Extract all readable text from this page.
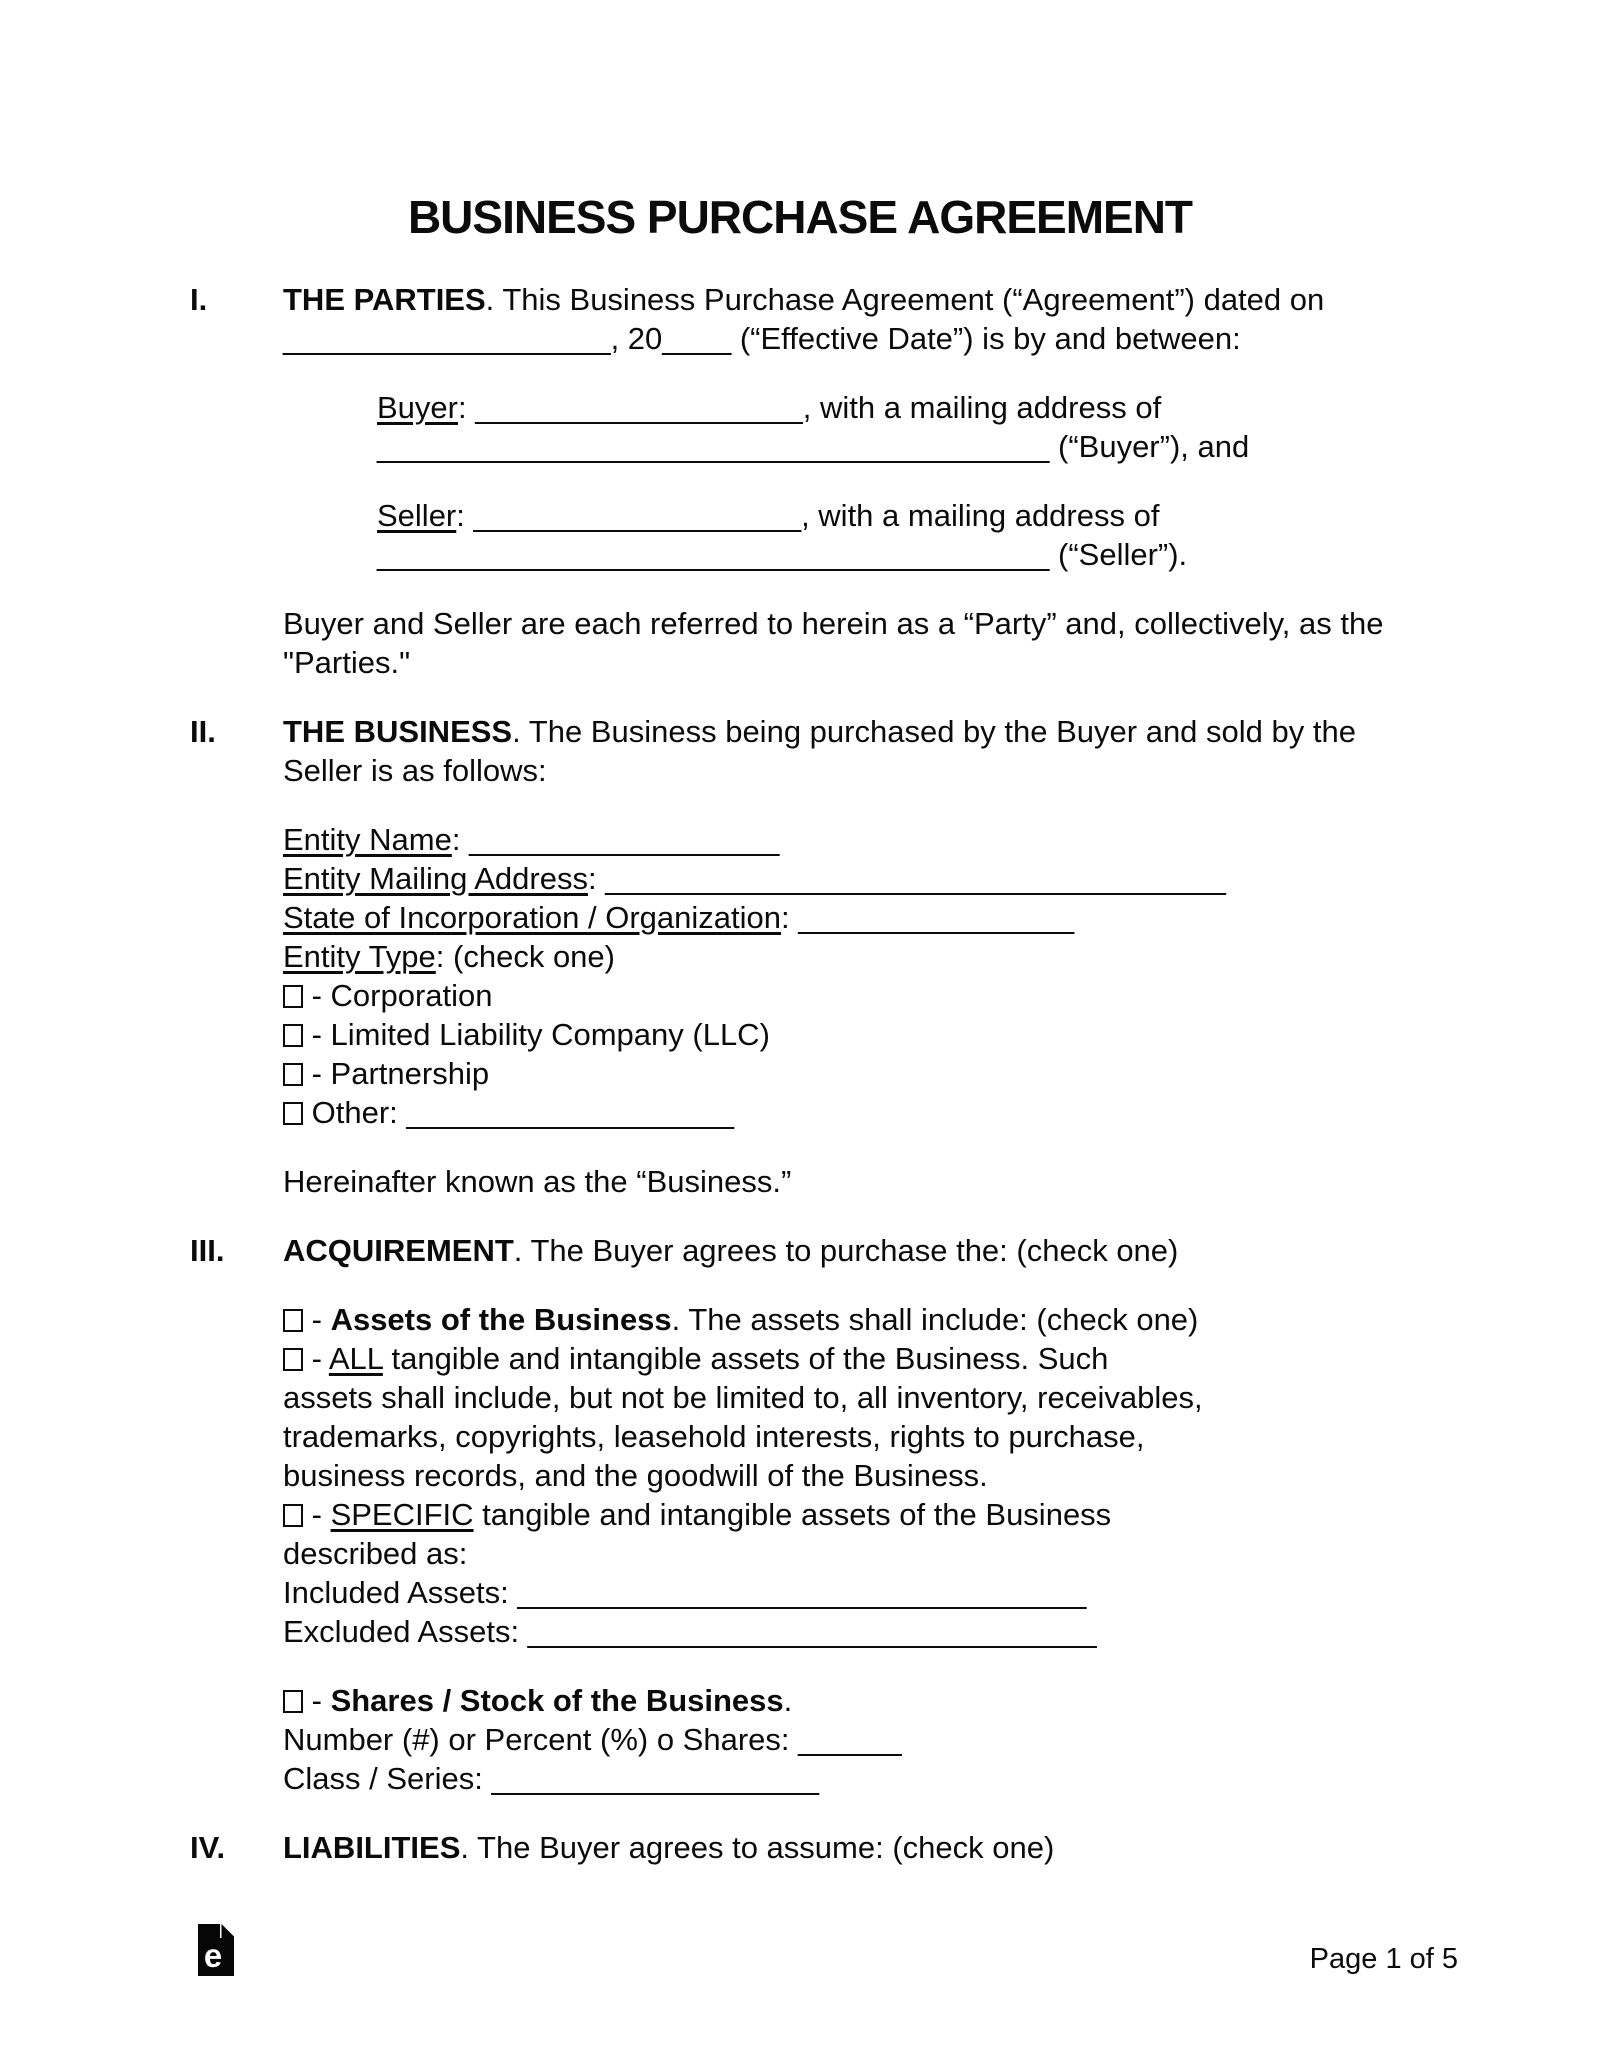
BUSINESS PURCHASE AGREEMENT
I. THE PARTIES. This Business Purchase Agreement (“Agreement”) dated on
___________________, 20____ (“Effective Date”) is by and between:

Buyer: ___________________, with a mailing address of
_______________________________________ (“Buyer”), and

Seller: ___________________, with a mailing address of
_______________________________________ (“Seller”).

Buyer and Seller are each referred to herein as a “Party” and, collectively, as the
"Parties."

II. THE BUSINESS. The Business being purchased by the Buyer and sold by the
Seller is as follows:

Entity Name: __________________
Entity Mailing Address: ____________________________________
State of Incorporation / Organization: ________________
Entity Type: (check one)
- Corporation
- Limited Liability Company (LLC)
- Partnership
Other: ___________________

Hereinafter known as the “Business.”

III. ACQUIREMENT. The Buyer agrees to purchase the: (check one)

- Assets of the Business. The assets shall include: (check one)
- ALL tangible and intangible assets of the Business. Such
assets shall include, but not be limited to, all inventory, receivables,
trademarks, copyrights, leasehold interests, rights to purchase,
business records, and the goodwill of the Business.
- SPECIFIC tangible and intangible assets of the Business
described as:
Included Assets: _________________________________
Excluded Assets: _________________________________
- Shares / Stock of the Business.
Number (#) or Percent (%) o Shares: ______
Class / Series: ___________________
IV. LIABILITIES. The Buyer agrees to assume: (check one)

e	Page 1 of 5
